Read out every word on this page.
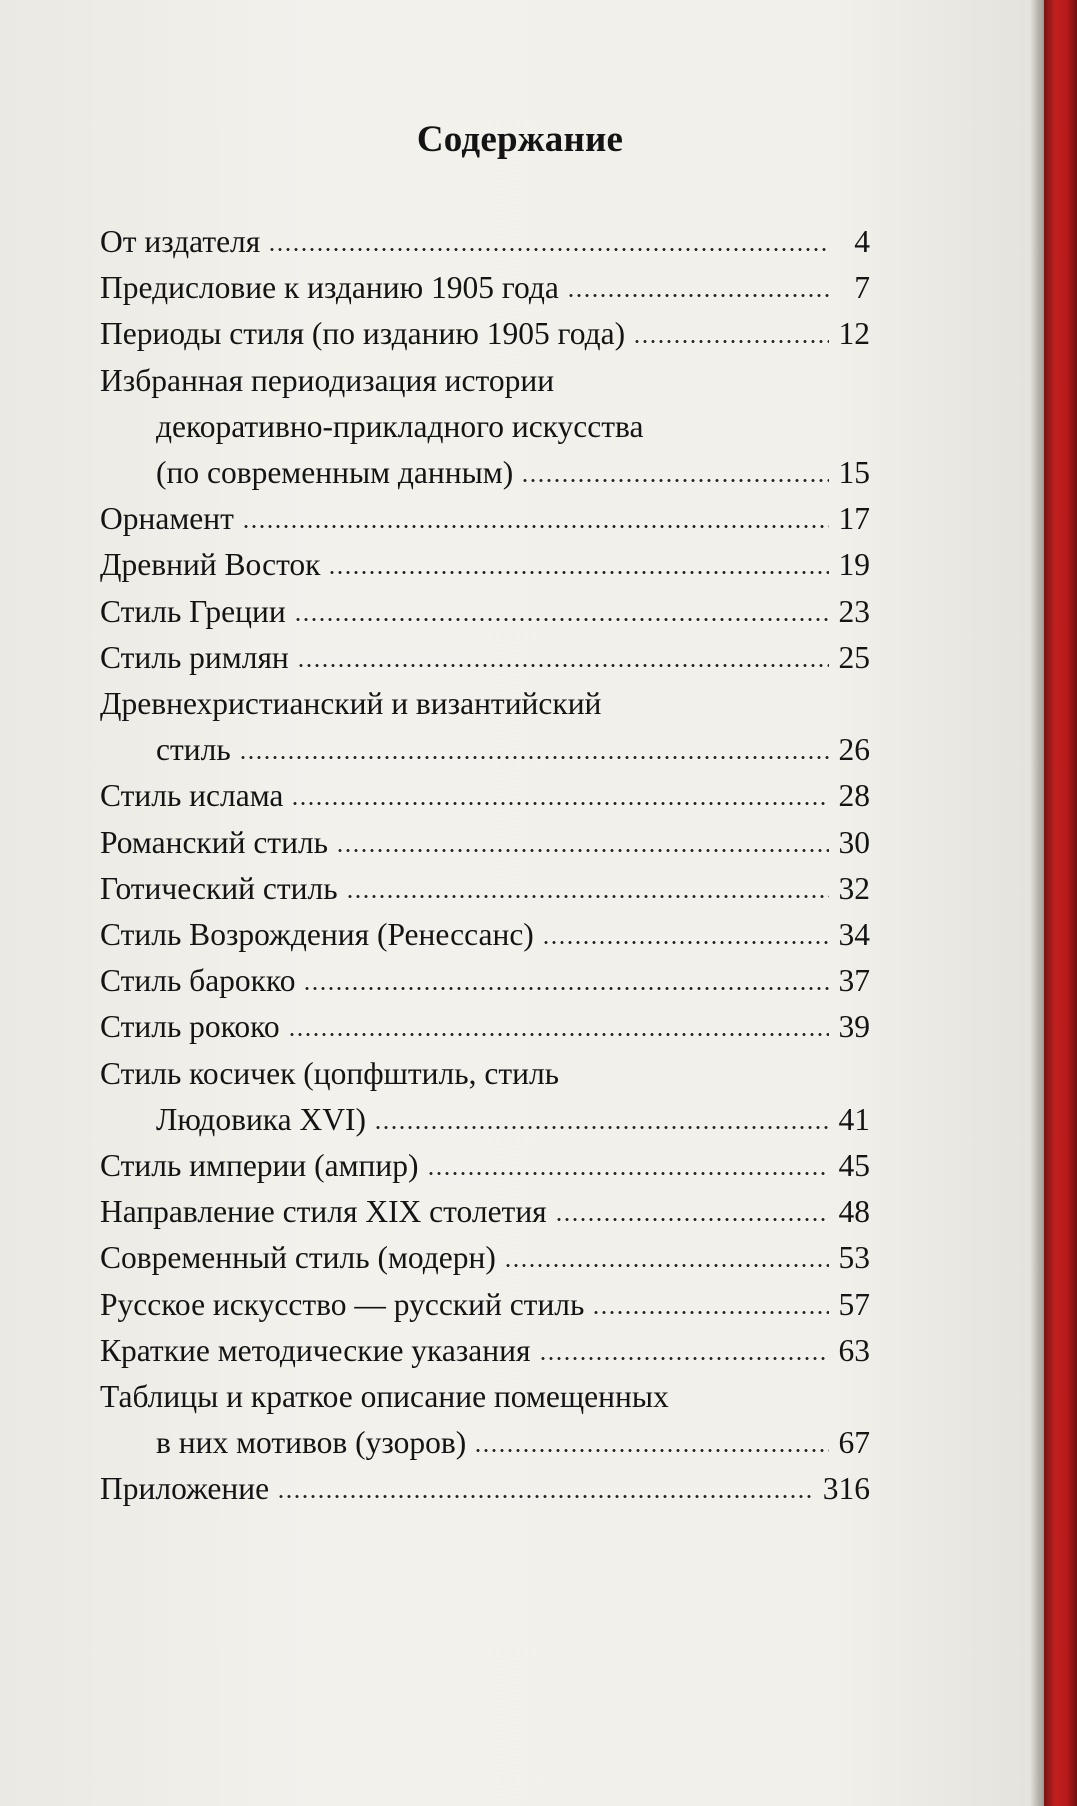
Содержание
От издателя	4
Предисловие к изданию 1905 года	7
Периоды стиля (по изданию 1905 года)	12
Избранная периодизация истории
декоративно-прикладного искусства
(по современным данным)	15
Орнамент	17
Древний Восток	19
Стиль Греции	23
Стиль римлян	25
Древнехристианский и византийский
стиль	26
Стиль ислама	28
Романский стиль	30
Готический стиль	32
Стиль Возрождения (Ренессанс)	34
Стиль барокко	37
Стиль рококо	39
Стиль косичек (цопфштиль, стиль
Людовика XVI)	41
Стиль империи (ампир)	45
Направление стиля XIX столетия	48
Современный стиль (модерн)	53
Русское искусство — русский стиль	57
Краткие методические указания	63
Таблицы и краткое описание помещенных
в них мотивов (узоров)	67
Приложение	316
